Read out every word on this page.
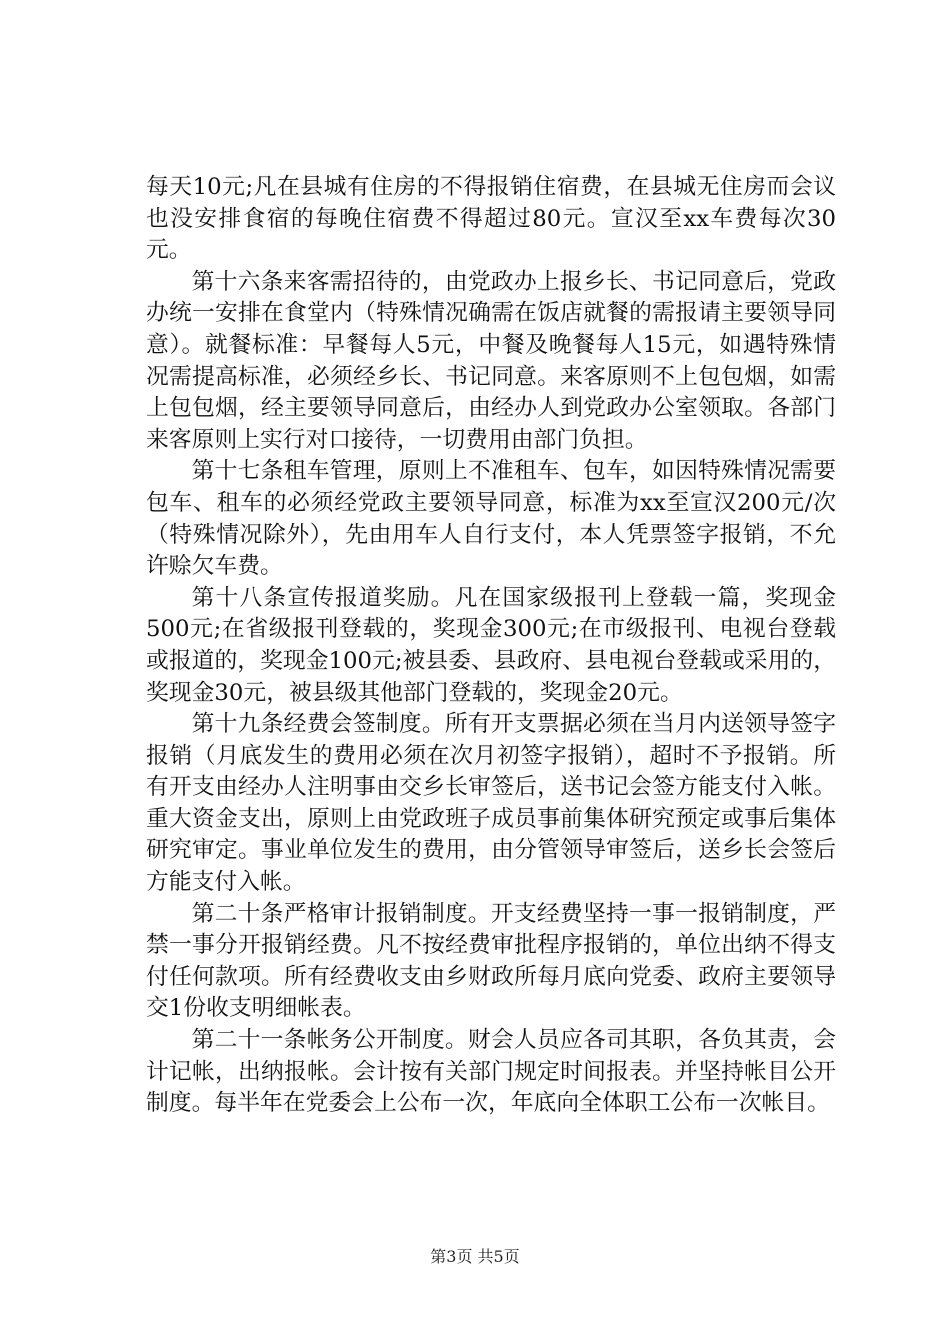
每天10元;凡在县城有住房的不得报销住宿费，在县城无住房而会议也没安排食宿的每晚住宿费不得超过80元。宣汉至xx车费每次30元。

第十六条来客需招待的，由党政办上报乡长、书记同意后，党政办统一安排在食堂内（特殊情况确需在饭店就餐的需报请主要领导同意）。就餐标准：早餐每人5元，中餐及晚餐每人15元，如遇特殊情况需提高标准，必须经乡长、书记同意。来客原则不上包包烟，如需上包包烟，经主要领导同意后，由经办人到党政办公室领取。各部门来客原则上实行对口接待，一切费用由部门负担。

第十七条租车管理，原则上不准租车、包车，如因特殊情况需要包车、租车的必须经党政主要领导同意，标准为xx至宣汉200元/次（特殊情况除外），先由用车人自行支付，本人凭票签字报销，不允许赊欠车费。

第十八条宣传报道奖励。凡在国家级报刊上登载一篇，奖现金500元;在省级报刊登载的，奖现金300元;在市级报刊、电视台登载或报道的，奖现金100元;被县委、县政府、县电视台登载或采用的，奖现金30元，被县级其他部门登载的，奖现金20元。

第十九条经费会签制度。所有开支票据必须在当月内送领导签字报销（月底发生的费用必须在次月初签字报销），超时不予报销。所有开支由经办人注明事由交乡长审签后，送书记会签方能支付入帐。重大资金支出，原则上由党政班子成员事前集体研究预定或事后集体研究审定。事业单位发生的费用，由分管领导审签后，送乡长会签后方能支付入帐。

第二十条严格审计报销制度。开支经费坚持一事一报销制度，严禁一事分开报销经费。凡不按经费审批程序报销的，单位出纳不得支付任何款项。所有经费收支由乡财政所每月底向党委、政府主要领导交1份收支明细帐表。

第二十一条帐务公开制度。财会人员应各司其职，各负其责，会计记帐，出纳报帐。会计按有关部门规定时间报表。并坚持帐目公开制度。每半年在党委会上公布一次，年底向全体职工公布一次帐目。

第3页 共5页
